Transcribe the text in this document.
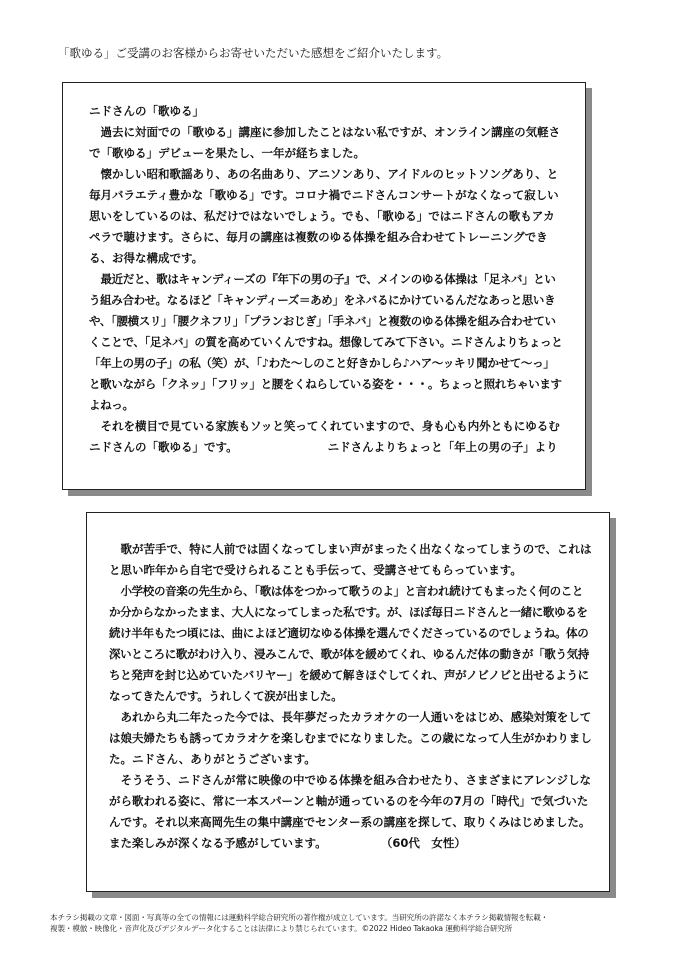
「歌ゆる」ご受講のお客様からお寄せいただいた感想をご紹介いたします。
ニドさんの「歌ゆる」

過去に対面での「歌ゆる」講座に参加したことはない私ですが、オンライン講座の気軽さで「歌ゆる」デビューを果たし、一年が経ちました。

懐かしい昭和歌謡あり、あの名曲あり、アニソンあり、アイドルのヒットソングあり、と毎月バラエティ豊かな「歌ゆる」です。コロナ禍でニドさんコンサートがなくなって寂しい思いをしているのは、私だけではないでしょう。でも、「歌ゆる」ではニドさんの歌もアカペラで聴けます。さらに、毎月の講座は複数のゆる体操を組み合わせてトレーニングできる、お得な構成です。

最近だと、歌はキャンディーズの『年下の男の子』で、メインのゆる体操は「足ネバ」という組み合わせ。なるほど「キャンディーズ＝あめ」をネバるにかけているんだなあっと思いきや、「腰横スリ」「腰クネフリ」「プランおじぎ」「手ネバ」と複数のゆる体操を組み合わせていくことで、「足ネバ」の質を高めていくんですね。想像してみて下さい。ニドさんよりちょっと「年上の男の子」の私（笑）が、「♪わた～しのこと好きかしら♪ハア～ッキリ聞かせて～っ」と歌いながら「クネッ」「フリッ」と腰をくねらしている姿を・・・。ちょっと照れちゃいますよねっ。

それを横目で見ている家族もソッと笑ってくれていますので、身も心も内外ともにゆるむニドさんの「歌ゆる」です。	ニドさんよりちょっと「年上の男の子」より

歌が苦手で、特に人前では固くなってしまい声がまったく出なくなってしまうので、これはと思い昨年から自宅で受けられることも手伝って、受講させてもらっています。

小学校の音楽の先生から、「歌は体をつかって歌うのよ」と言われ続けてもまったく何のことか分からなかったまま、大人になってしまった私です。が、ほぼ毎日ニドさんと一緒に歌ゆるを続け半年もたつ頃には、曲によほど適切なゆる体操を選んでくださっているのでしょうね。体の深いところに歌がわけ入り、浸みこんで、歌が体を緩めてくれ、ゆるんだ体の動きが「歌う気持ちと発声を封じ込めていたバリヤー」を緩めて解きほぐしてくれ、声がノビノビと出せるようになってきたんです。うれしくて涙が出ました。

あれから丸二年たった今では、長年夢だったカラオケの一人通いをはじめ、感染対策をしては娘夫婦たちも誘ってカラオケを楽しむまでになりました。この歳になって人生がかわりました。ニドさん、ありがとうございます。

そうそう、ニドさんが常に映像の中でゆる体操を組み合わせたり、さまざまにアレンジしながら歌われる姿に、常に一本スパーンと軸が通っているのを今年の7月の「時代」で気づいたんです。それ以来高岡先生の集中講座でセンター系の講座を探して、取りくみはじめました。また楽しみが深くなる予感がしています。	（60代　女性）

本チラシ掲載の文章・図面・写真等の全ての情報には運動科学総合研究所の著作権が成立しています。当研究所の許諾なく本チラシ掲載情報を転載・
複製・模倣・映像化・音声化及びデジタルデータ化することは法律により禁じられています。©2022 Hideo Takaoka 運動科学総合研究所
